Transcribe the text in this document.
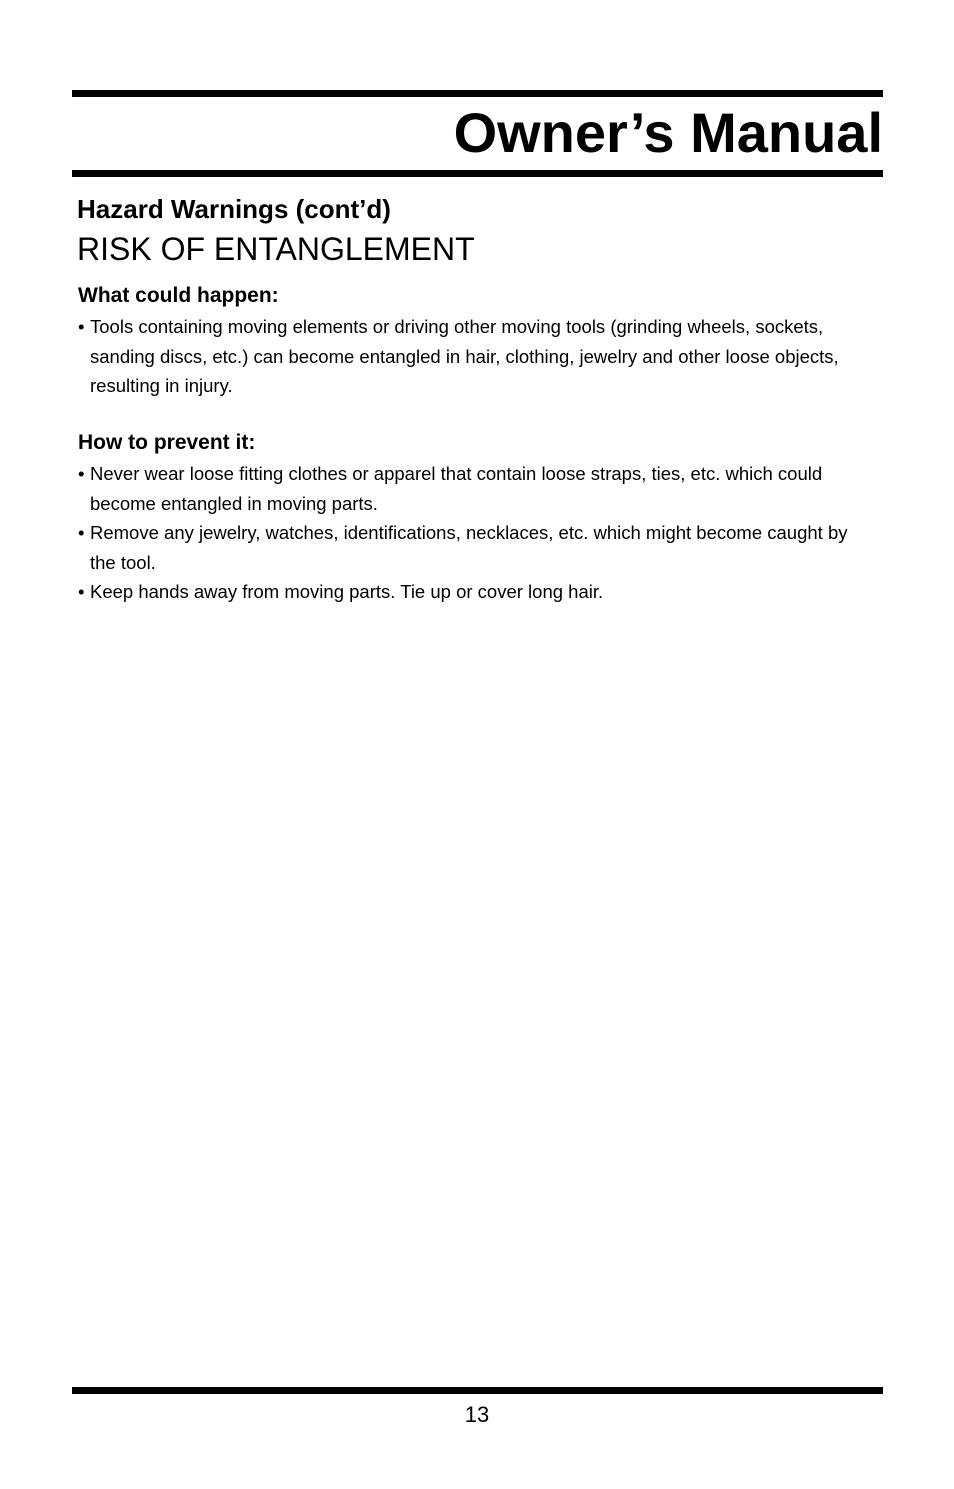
Owner’s Manual
Hazard Warnings (cont’d)
RISK OF ENTANGLEMENT
What could happen:
• Tools containing moving elements or driving other moving tools (grinding wheels, sockets, sanding discs, etc.) can become entangled in hair, clothing, jewelry and other loose objects, resulting in injury.
How to prevent it:
• Never wear loose fitting clothes or apparel that contain loose straps, ties, etc. which could become entangled in moving parts.
• Remove any jewelry, watches, identifications, necklaces, etc. which might become caught by the tool.
• Keep hands away from moving parts. Tie up or cover long hair.
13
